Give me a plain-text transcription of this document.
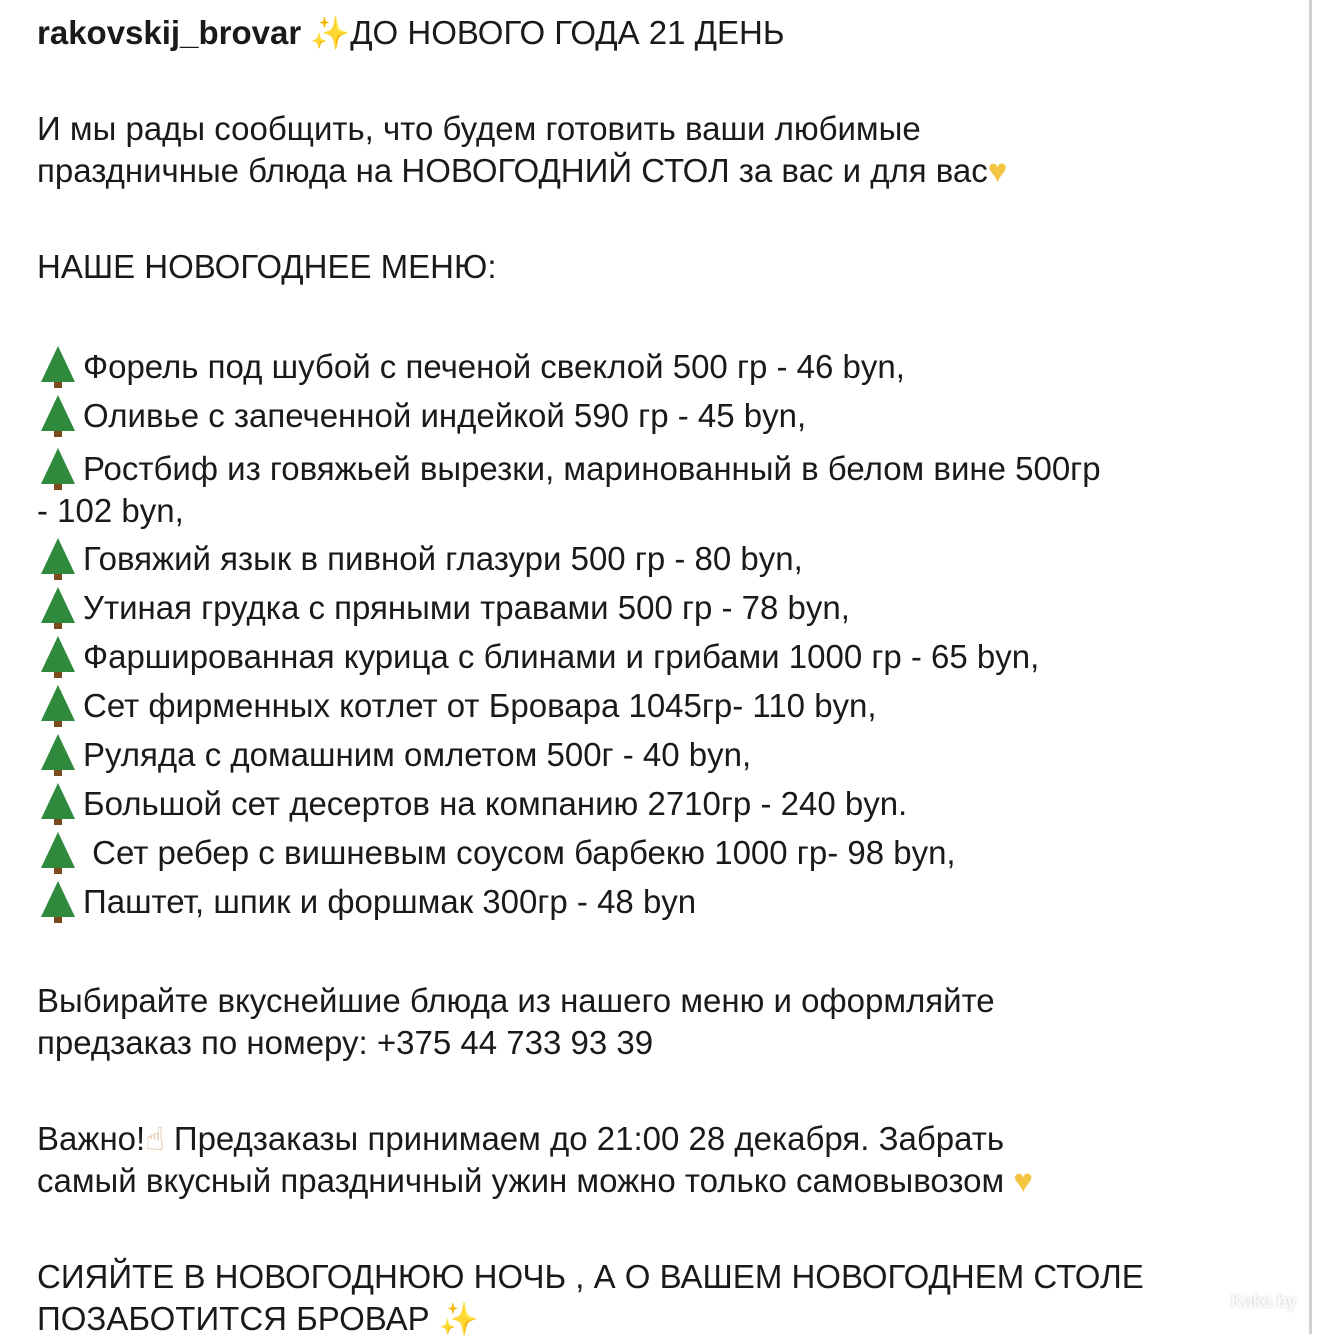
rakovskij_brovar ✨ДО НОВОГО ГОДА 21 ДЕНЬ

И мы рады сообщить, что будем готовить ваши любимые

праздничные блюда на НОВОГОДНИЙ СТОЛ за вас и для вас♥

НАШЕ НОВОГОДНЕЕ МЕНЮ:

Форель под шубой с печеной свеклой 500 гр - 46 byn,
Оливье с запеченной индейкой 590 гр - 45 byn,
Ростбиф из говяжьей вырезки, маринованный в белом вине 500гр
- 102 byn,
Говяжий язык в пивной глазури 500 гр - 80 byn,
Утиная грудка с пряными травами 500 гр - 78 byn,
Фаршированная курица с блинами и грибами 1000 гр - 65 byn,
Сет фирменных котлет от Бровара 1045гр- 110 byn,
Руляда с домашним омлетом 500г - 40 byn,
Большой сет десертов на компанию 2710гр - 240 byn.
Сет ребер с вишневым соусом барбекю 1000 гр- 98 byn,
Паштет, шпик и форшмак 300гр - 48 byn

Выбирайте вкуснейшие блюда из нашего меню и оформляйте

предзаказ по номеру: +375 44 733 93 39

Важно!☝ Предзаказы принимаем до 21:00 28 декабря. Забрать

самый вкусный праздничный ужин можно только самовывозом ♥

СИЯЙТЕ В НОВОГОДНЮЮ НОЧЬ , А О ВАШЕМ НОВОГОДНЕМ СТОЛЕ

ПОЗАБОТИТСЯ БРОВАР ✨	Koko.by
